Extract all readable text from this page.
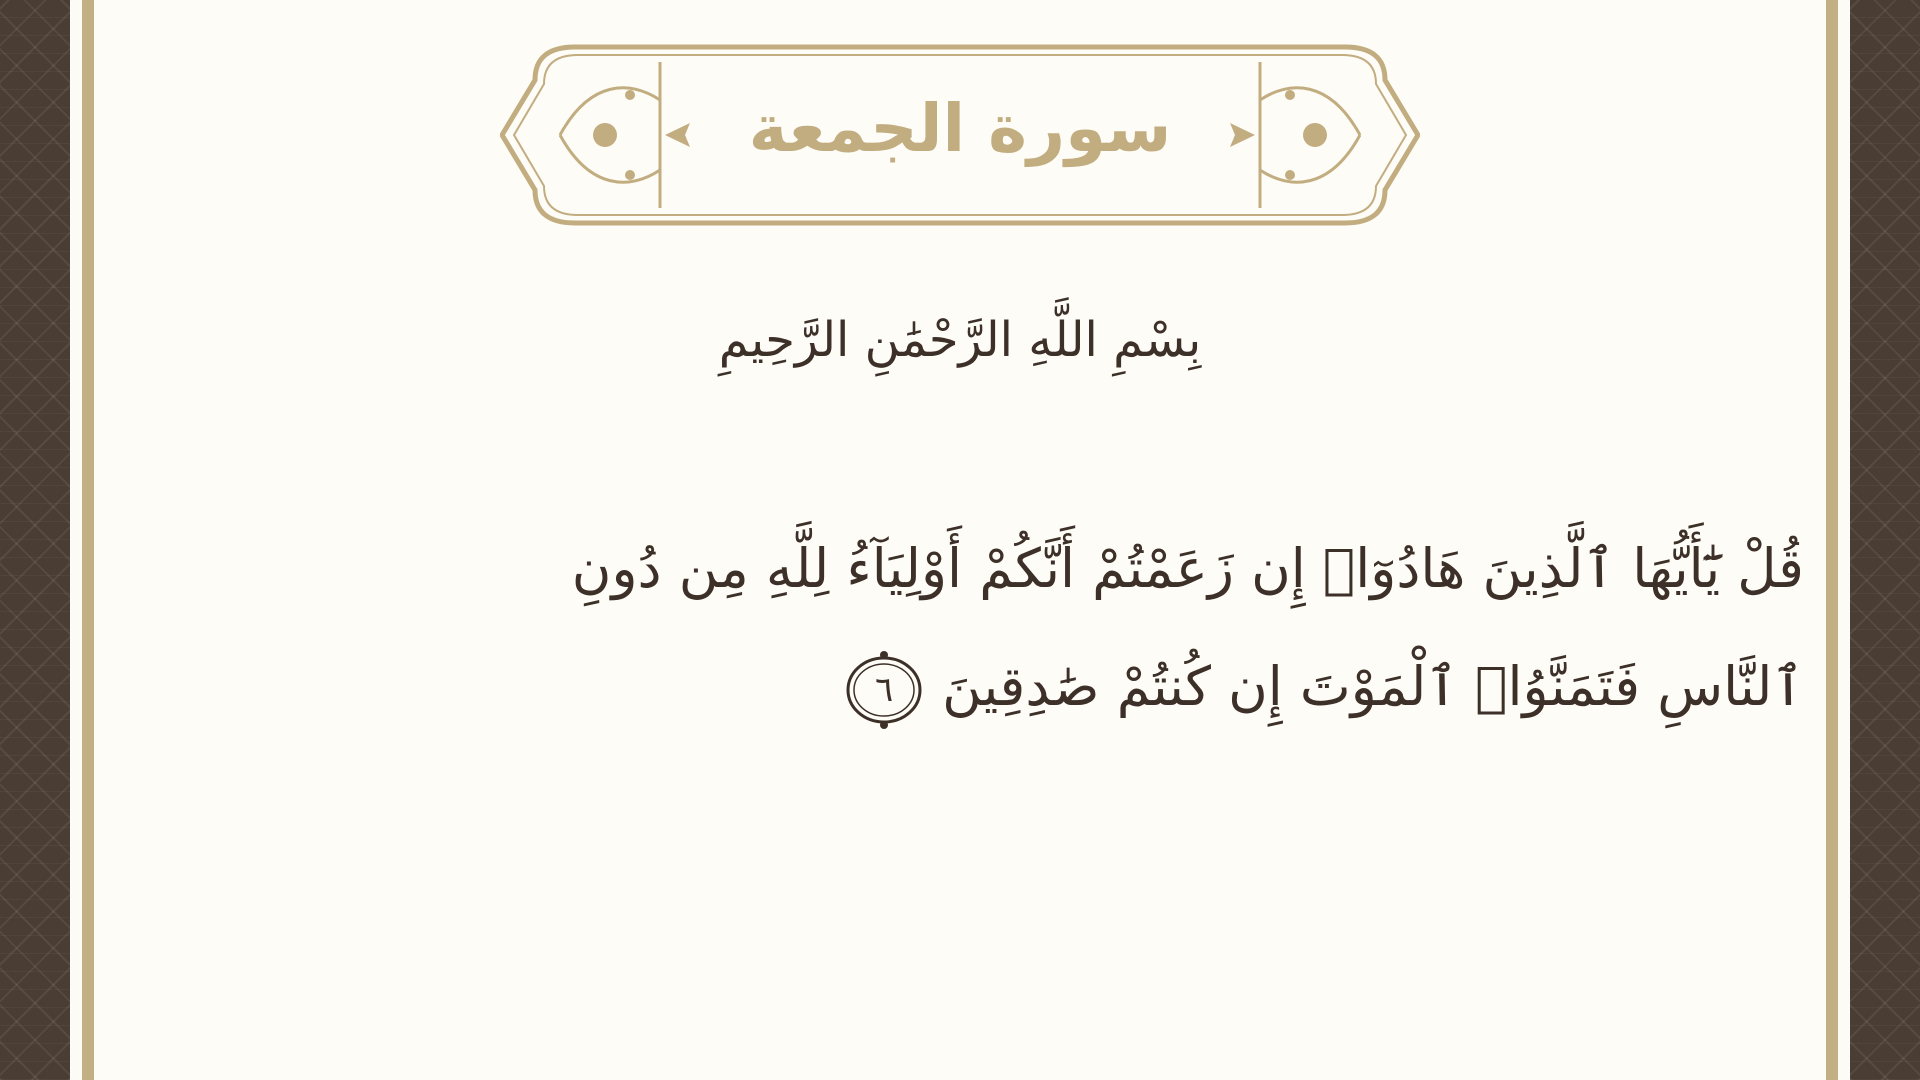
سورة الجمعة
بِسْمِ اللَّهِ الرَّحْمَٰنِ الرَّحِيمِ
قُلْ يَٰٓأَيُّهَا ٱلَّذِينَ هَادُوٓا۟ إِن زَعَمْتُمْ أَنَّكُمْ أَوْلِيَآءُ لِلَّهِ مِن دُونِ ٱلنَّاسِ فَتَمَنَّوُا۟ ٱلْمَوْتَ إِن كُنتُمْ صَٰدِقِينَ
٦
